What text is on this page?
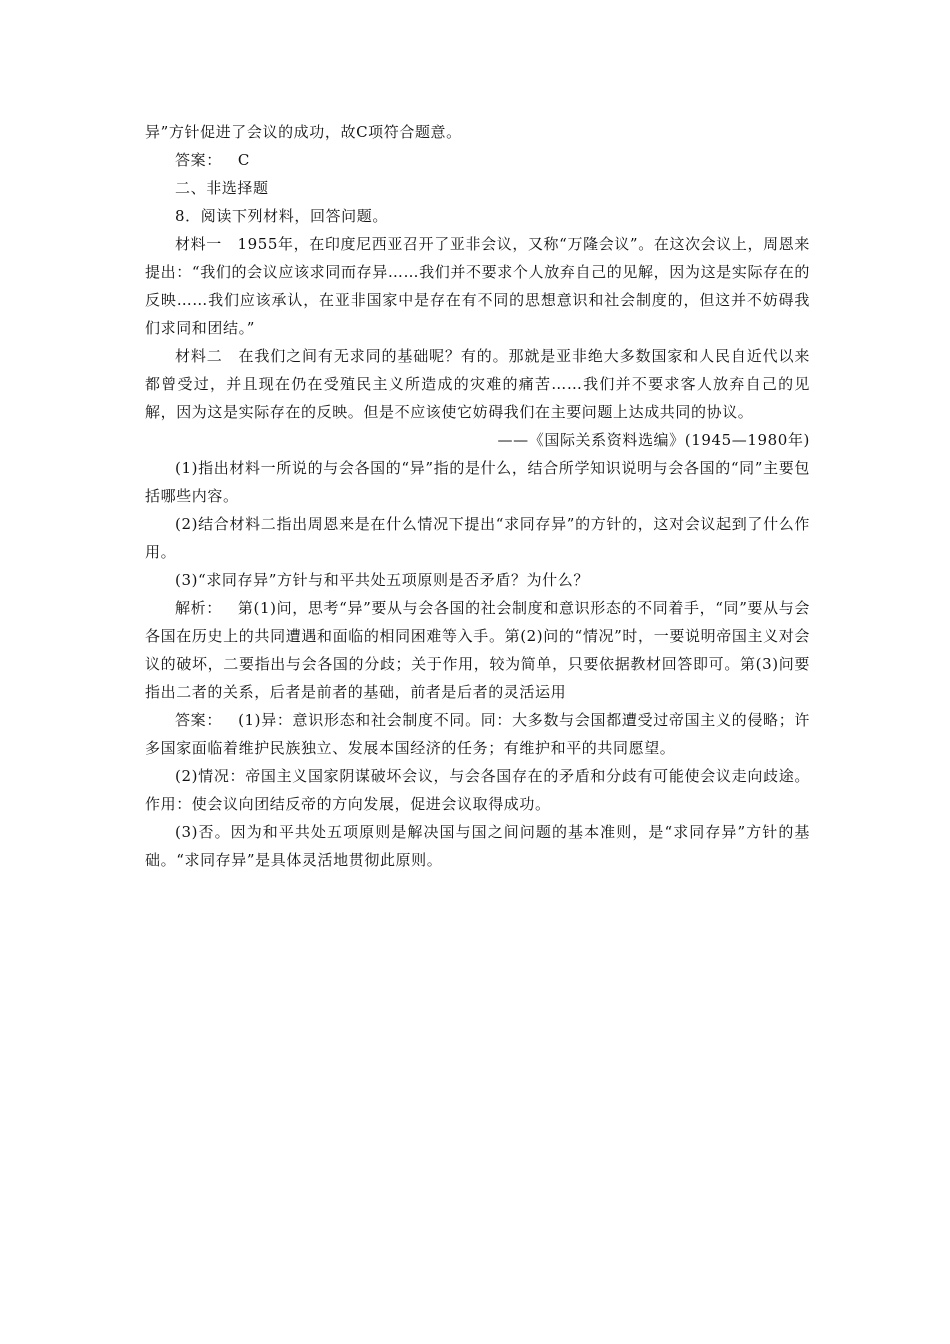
异”方针促进了会议的成功，故C项符合题意。

答案： C

二、非选择题

8．阅读下列材料，回答问题。

材料一　1955年，在印度尼西亚召开了亚非会议，又称“万隆会议”。在这次会议上，周恩来提出：“我们的会议应该求同而存异……我们并不要求个人放弃自己的见解，因为这是实际存在的反映……我们应该承认，在亚非国家中是存在有不同的思想意识和社会制度的，但这并不妨碍我们求同和团结。”

材料二　在我们之间有无求同的基础呢？有的。那就是亚非绝大多数国家和人民自近代以来都曾受过，并且现在仍在受殖民主义所造成的灾难的痛苦……我们并不要求客人放弃自己的见解，因为这是实际存在的反映。但是不应该使它妨碍我们在主要问题上达成共同的协议。

——《国际关系资料选编》(1945—1980年)

(1)指出材料一所说的与会各国的“异”指的是什么，结合所学知识说明与会各国的“同”主要包括哪些内容。

(2)结合材料二指出周恩来是在什么情况下提出“求同存异”的方针的，这对会议起到了什么作用。

(3)“求同存异”方针与和平共处五项原则是否矛盾？为什么？

解析： 第(1)问，思考“异”要从与会各国的社会制度和意识形态的不同着手，“同”要从与会各国在历史上的共同遭遇和面临的相同困难等入手。第(2)问的“情况”时，一要说明帝国主义对会议的破坏，二要指出与会各国的分歧；关于作用，较为简单，只要依据教材回答即可。第(3)问要指出二者的关系，后者是前者的基础，前者是后者的灵活运用

答案： (1)异：意识形态和社会制度不同。同：大多数与会国都遭受过帝国主义的侵略；许多国家面临着维护民族独立、发展本国经济的任务；有维护和平的共同愿望。

(2)情况：帝国主义国家阴谋破坏会议，与会各国存在的矛盾和分歧有可能使会议走向歧途。作用：使会议向团结反帝的方向发展，促进会议取得成功。

(3)否。因为和平共处五项原则是解决国与国之间问题的基本准则，是“求同存异”方针的基础。“求同存异”是具体灵活地贯彻此原则。
